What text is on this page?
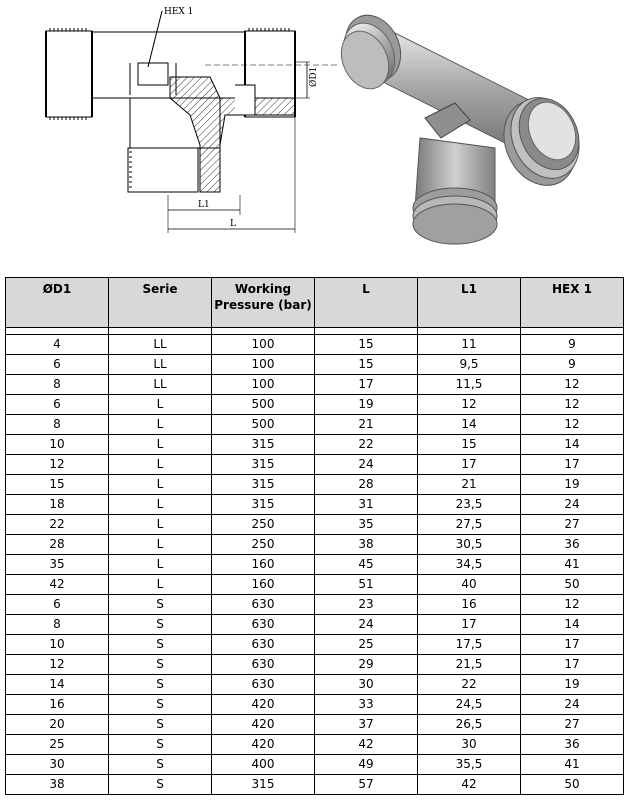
HEX 1
ØD1
L1
L
ØD1	Serie	Working Pressure (bar)	L	L1	HEX 1

4	LL	100	15	11	9
6	LL	100	15	9,5	9
8	LL	100	17	11,5	12
6	L	500	19	12	12
8	L	500	21	14	12
10	L	315	22	15	14
12	L	315	24	17	17
15	L	315	28	21	19
18	L	315	31	23,5	24
22	L	250	35	27,5	27
28	L	250	38	30,5	36
35	L	160	45	34,5	41
42	L	160	51	40	50
6	S	630	23	16	12
8	S	630	24	17	14
10	S	630	25	17,5	17
12	S	630	29	21,5	17
14	S	630	30	22	19
16	S	420	33	24,5	24
20	S	420	37	26,5	27
25	S	420	42	30	36
30	S	400	49	35,5	41
38	S	315	57	42	50
